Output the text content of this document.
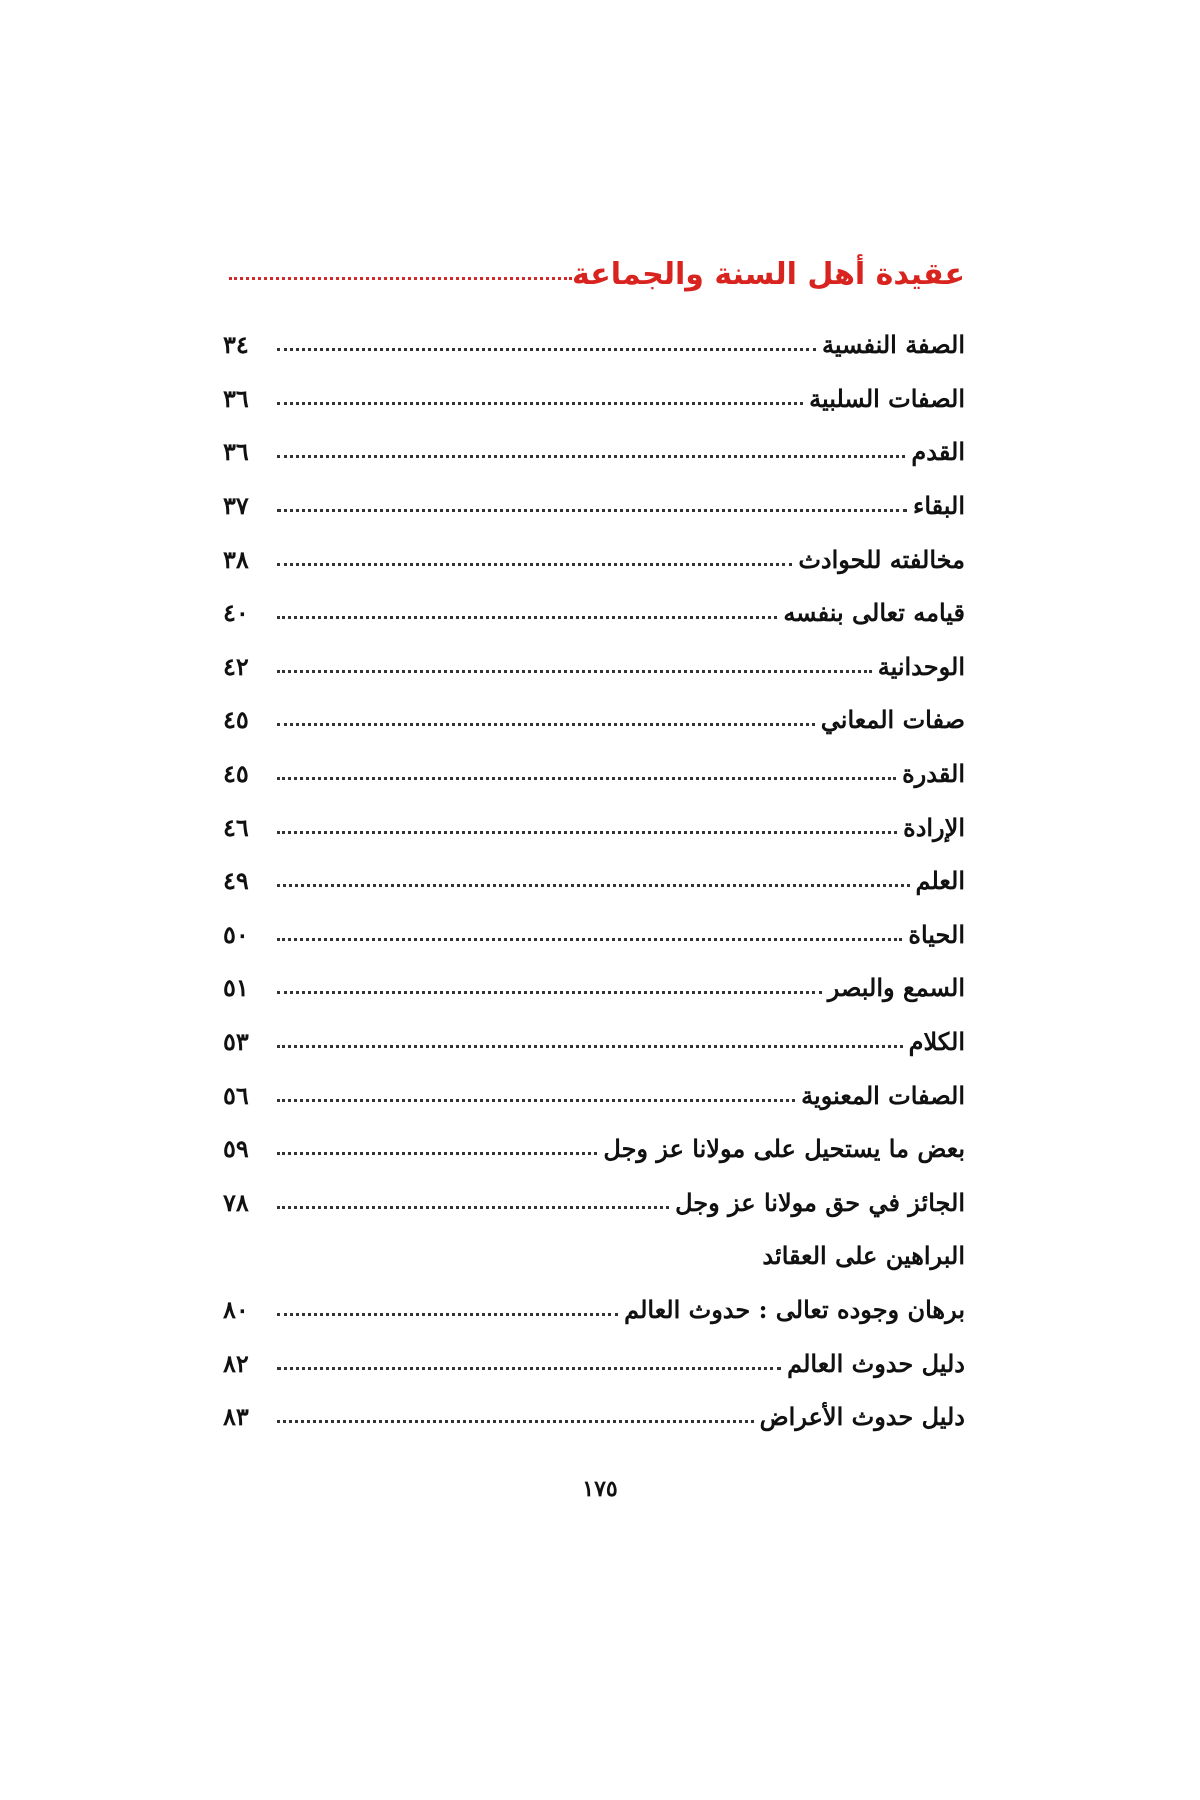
عقيدة أهل السنة والجماعة
الصفة النفسية
٣٤
الصفات السلبية
٣٦
القدم
٣٦
البقاء
٣٧
مخالفته للحوادث
٣٨
قيامه تعالى بنفسه
٤٠
الوحدانية
٤٢
صفات المعاني
٤٥
القدرة
٤٥
الإرادة
٤٦
العلم
٤٩
الحياة
٥٠
السمع والبصر
٥١
الكلام
٥٣
الصفات المعنوية
٥٦
بعض ما يستحيل على مولانا عز وجل
٥٩
الجائز في حق مولانا عز وجل
٧٨
البراهين على العقائد
برهان وجوده تعالى : حدوث العالم
٨٠
دليل حدوث العالم
٨٢
دليل حدوث الأعراض
٨٣
١٧٥
